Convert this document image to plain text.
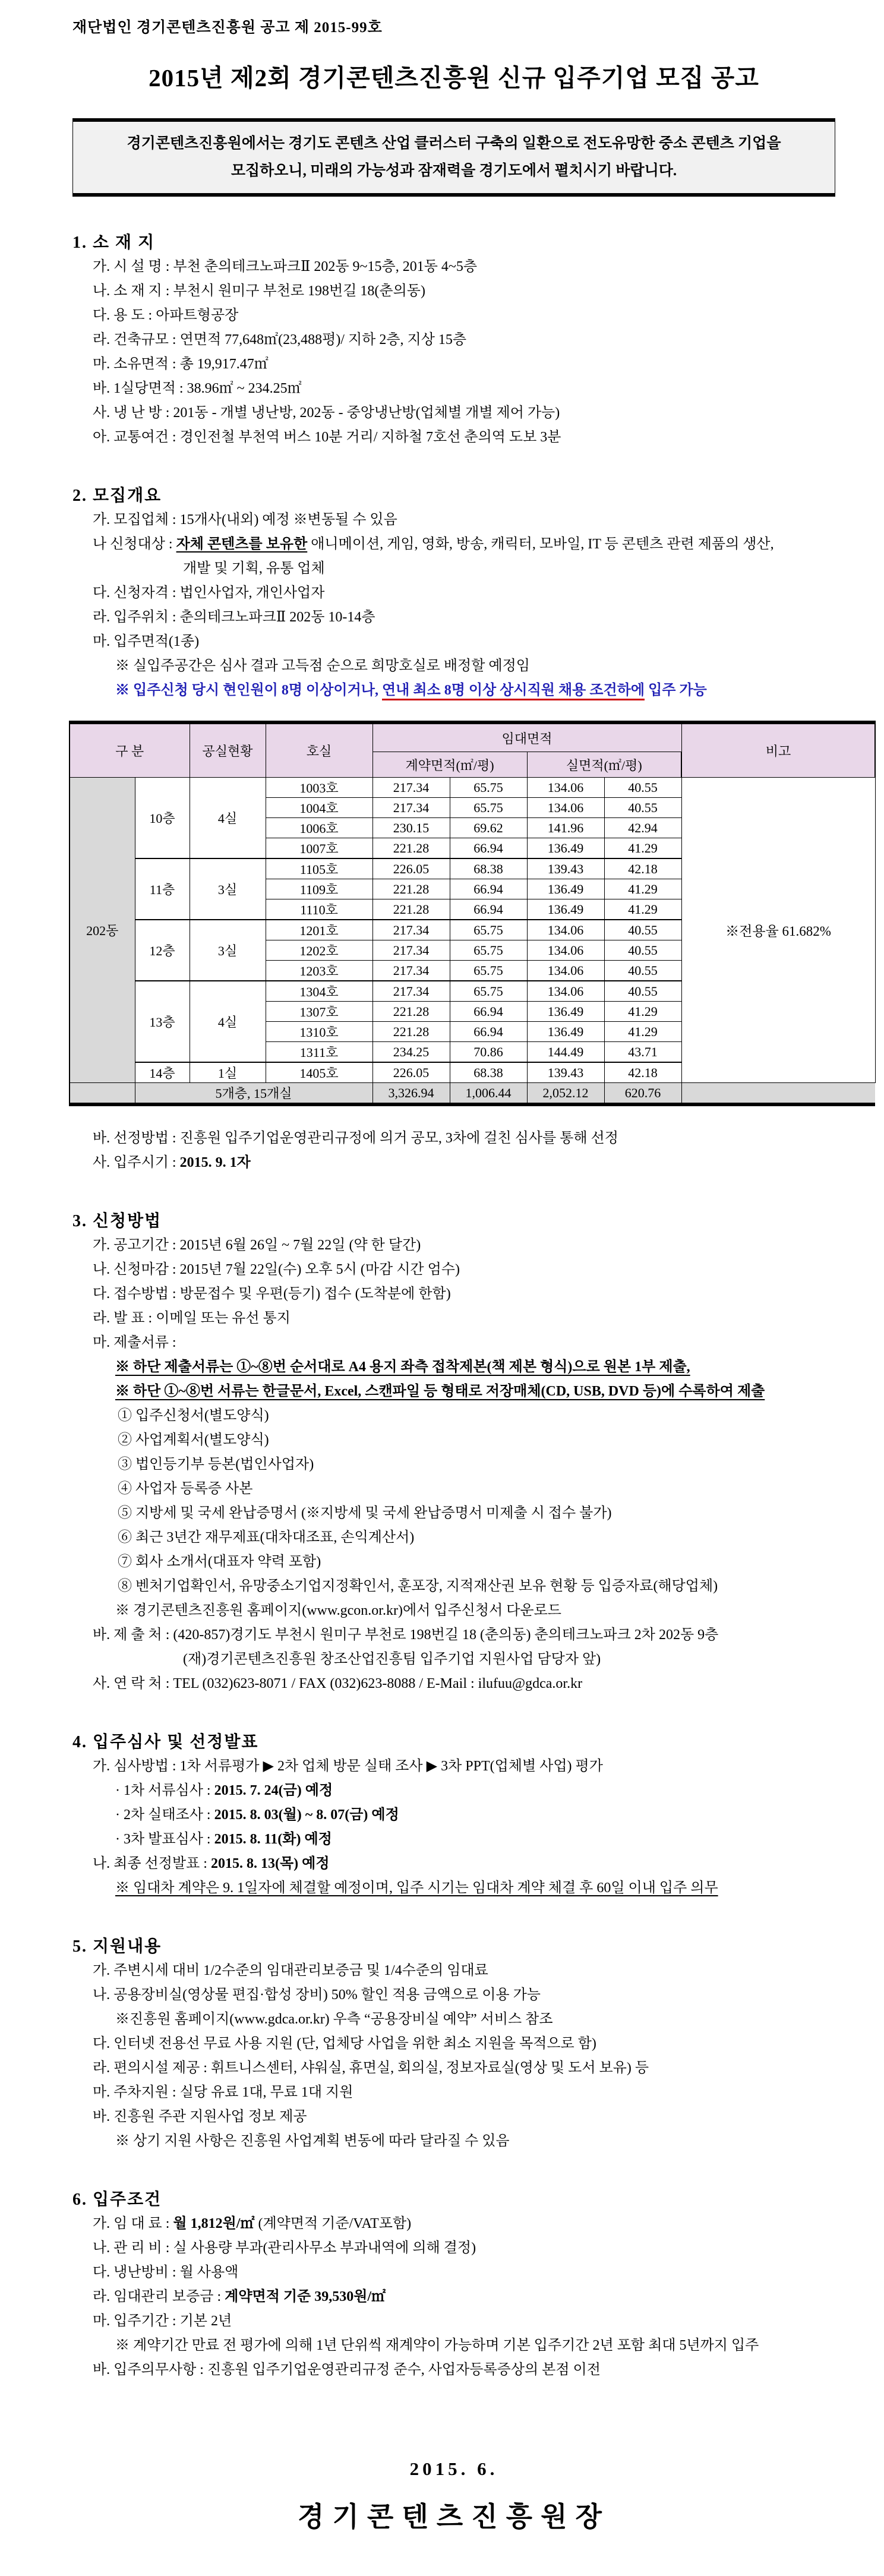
재단법인 경기콘텐츠진흥원 공고 제 2015-99호
2015년 제2회 경기콘텐츠진흥원 신규 입주기업 모집 공고
경기콘텐츠진흥원에서는 경기도 콘텐츠 산업 클러스터 구축의 일환으로 전도유망한 중소 콘텐츠 기업을
모집하오니, 미래의 가능성과 잠재력을 경기도에서 펼치시기 바랍니다.
1. 소 재 지
가. 시 설 명 : 부천 춘의테크노파크Ⅱ 202동 9~15층, 201동 4~5층
나. 소 재 지 : 부천시 원미구 부천로 198번길 18(춘의동)
다. 용 도 : 아파트형공장
라. 건축규모 : 연면적 77,648㎡(23,488평)/ 지하 2층, 지상 15층
마. 소유면적 : 총 19,917.47㎡
바. 1실당면적 : 38.96㎡ ~ 234.25㎡
사. 냉 난 방 : 201동 - 개별 냉난방, 202동 - 중앙냉난방(업체별 개별 제어 가능)
아. 교통여건 : 경인전철 부천역 버스 10분 거리/ 지하철 7호선 춘의역 도보 3분
2. 모집개요
가. 모집업체 : 15개사(내외) 예정 ※변동될 수 있음
나 신청대상 : 자체 콘텐츠를 보유한 애니메이션, 게임, 영화, 방송, 캐릭터, 모바일, IT 등 콘텐츠 관련 제품의 생산,
개발 및 기획, 유통 업체
다. 신청자격 : 법인사업자, 개인사업자
라. 입주위치 : 춘의테크노파크Ⅱ 202동 10-14층
마. 입주면적(1종)
※ 실입주공간은 심사 결과 고득점 순으로 희망호실로 배정할 예정임
※ 입주신청 당시 현인원이 8명 이상이거나, 연내 최소 8명 이상 상시직원 채용 조건하에 입주 가능
구 분		공실현황	호실	임대면적				비고
				계약면적(㎡/평)		실면적(㎡/평)		
202동	10층	4실	1003호	217.34	65.75	134.06	40.55	※전용율 61.682%
			1004호	217.34	65.75	134.06	40.55	
			1006호	230.15	69.62	141.96	42.94	
			1007호	221.28	66.94	136.49	41.29	
	11층	3실	1105호	226.05	68.38	139.43	42.18	
			1109호	221.28	66.94	136.49	41.29	
			1110호	221.28	66.94	136.49	41.29	
	12층	3실	1201호	217.34	65.75	134.06	40.55	
			1202호	217.34	65.75	134.06	40.55	
			1203호	217.34	65.75	134.06	40.55	
	13층	4실	1304호	217.34	65.75	134.06	40.55	
			1307호	221.28	66.94	136.49	41.29	
			1310호	221.28	66.94	136.49	41.29	
			1311호	234.25	70.86	144.49	43.71	
	14층	1실	1405호	226.05	68.38	139.43	42.18	
	5개층, 15개실			3,326.94	1,006.44	2,052.12	620.76	
바. 선정방법 : 진흥원 입주기업운영관리규정에 의거 공모, 3차에 걸친 심사를 통해 선정
사. 입주시기 : 2015. 9. 1자
3. 신청방법
가. 공고기간 : 2015년 6월 26일 ~ 7월 22일 (약 한 달간)
나. 신청마감 : 2015년 7월 22일(수) 오후 5시 (마감 시간 엄수)
다. 접수방법 : 방문접수 및 우편(등기) 접수 (도착분에 한함)
라. 발 표 : 이메일 또는 유선 통지
마. 제출서류 :
※ 하단 제출서류는 ①~⑧번 순서대로 A4 용지 좌측 접착제본(책 제본 형식)으로 원본 1부 제출,
※ 하단 ①~⑧번 서류는 한글문서, Excel, 스캔파일 등 형태로 저장매체(CD, USB, DVD 등)에 수록하여 제출
① 입주신청서(별도양식)
② 사업계획서(별도양식)
③ 법인등기부 등본(법인사업자)
④ 사업자 등록증 사본
⑤ 지방세 및 국세 완납증명서 (※지방세 및 국세 완납증명서 미제출 시 접수 불가)
⑥ 최근 3년간 재무제표(대차대조표, 손익계산서)
⑦ 회사 소개서(대표자 약력 포함)
⑧ 벤처기업확인서, 유망중소기업지정확인서, 훈포장, 지적재산권 보유 현황 등 입증자료(해당업체)
※ 경기콘텐츠진흥원 홈페이지(www.gcon.or.kr)에서 입주신청서 다운로드
바. 제 출 처 : (420-857)경기도 부천시 원미구 부천로 198번길 18 (춘의동) 춘의테크노파크 2차 202동 9층
(재)경기콘텐츠진흥원 창조산업진흥팀 입주기업 지원사업 담당자 앞)
사. 연 락 처 : TEL (032)623-8071 / FAX (032)623-8088 / E-Mail : ilufuu@gdca.or.kr
4. 입주심사 및 선정발표
가. 심사방법 : 1차 서류평가 ▶ 2차 업체 방문 실태 조사 ▶ 3차 PPT(업체별 사업) 평가
· 1차 서류심사 : 2015. 7. 24(금) 예정
· 2차 실태조사 : 2015. 8. 03(월) ~ 8. 07(금) 예정
· 3차 발표심사 : 2015. 8. 11(화) 예정
나. 최종 선정발표 : 2015. 8. 13(목) 예정
※ 임대차 계약은 9. 1일자에 체결할 예정이며, 입주 시기는 임대차 계약 체결 후 60일 이내 입주 의무
5. 지원내용
가. 주변시세 대비 1/2수준의 임대관리보증금 및 1/4수준의 임대료
나. 공용장비실(영상물 편집·합성 장비) 50% 할인 적용 금액으로 이용 가능
※진흥원 홈페이지(www.gdca.or.kr) 우측 “공용장비실 예약” 서비스 참조
다. 인터넷 전용선 무료 사용 지원 (단, 업체당 사업을 위한 최소 지원을 목적으로 함)
라. 편의시설 제공 : 휘트니스센터, 샤워실, 휴면실, 회의실, 정보자료실(영상 및 도서 보유) 등
마. 주차지원 : 실당 유료 1대, 무료 1대 지원
바. 진흥원 주관 지원사업 정보 제공
※ 상기 지원 사항은 진흥원 사업계획 변동에 따라 달라질 수 있음
6. 입주조건
가. 임 대 료 : 월 1,812원/㎡ (계약면적 기준/VAT포함)
나. 관 리 비 : 실 사용량 부과(관리사무소 부과내역에 의해 결정)
다. 냉난방비 : 월 사용액
라. 임대관리 보증금 : 계약면적 기준 39,530원/㎡
마. 입주기간 : 기본 2년
※ 계약기간 만료 전 평가에 의해 1년 단위씩 재계약이 가능하며 기본 입주기간 2년 포함 최대 5년까지 입주
바. 입주의무사항 : 진흥원 입주기업운영관리규정 준수, 사업자등록증상의 본점 이전
2015. 6.
경기콘텐츠진흥원장
